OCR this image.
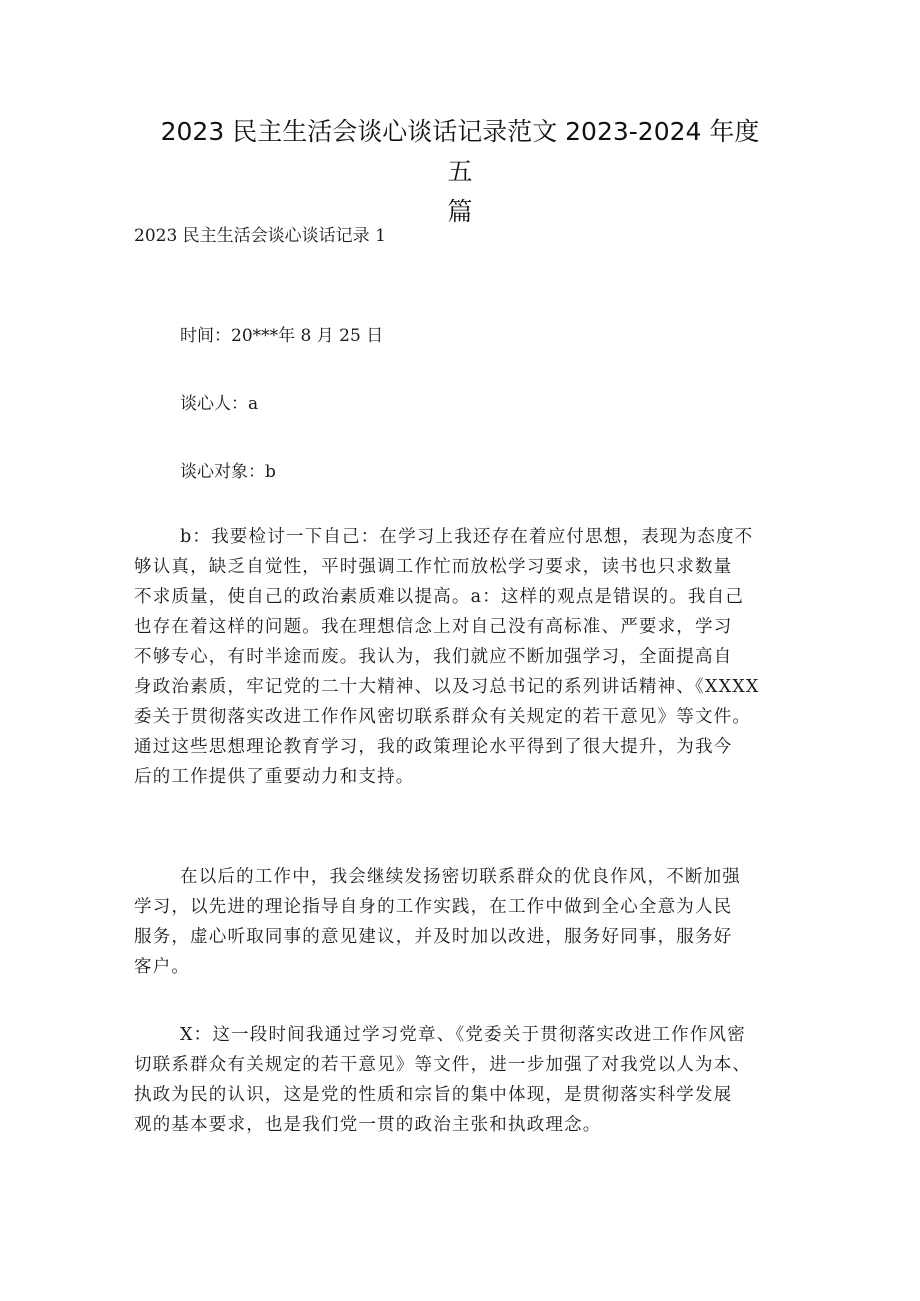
2023 民主生活会谈心谈话记录范文 2023-2024 年度五
篇
2023 民主生活会谈心谈话记录 1
时间：20***年 8 月 25 日
谈心人：a
谈心对象：b
b：我要检讨一下自己：在学习上我还存在着应付思想，表现为态度不
够认真，缺乏自觉性，平时强调工作忙而放松学习要求，读书也只求数量
不求质量，使自己的政治素质难以提高。a：这样的观点是错误的。我自己
也存在着这样的问题。我在理想信念上对自己没有高标准、严要求，学习
不够专心，有时半途而废。我认为，我们就应不断加强学习，全面提高自
身政治素质，牢记党的二十大精神、以及习总书记的系列讲话精神、《XXXX
委关于贯彻落实改进工作作风密切联系群众有关规定的若干意见》等文件。
通过这些思想理论教育学习，我的政策理论水平得到了很大提升，为我今
后的工作提供了重要动力和支持。
在以后的工作中，我会继续发扬密切联系群众的优良作风，不断加强
学习，以先进的理论指导自身的工作实践，在工作中做到全心全意为人民
服务，虚心听取同事的意见建议，并及时加以改进，服务好同事，服务好
客户。
X：这一段时间我通过学习党章、《党委关于贯彻落实改进工作作风密
切联系群众有关规定的若干意见》等文件，进一步加强了对我党以人为本、
执政为民的认识，这是党的性质和宗旨的集中体现，是贯彻落实科学发展
观的基本要求，也是我们党一贯的政治主张和执政理念。
